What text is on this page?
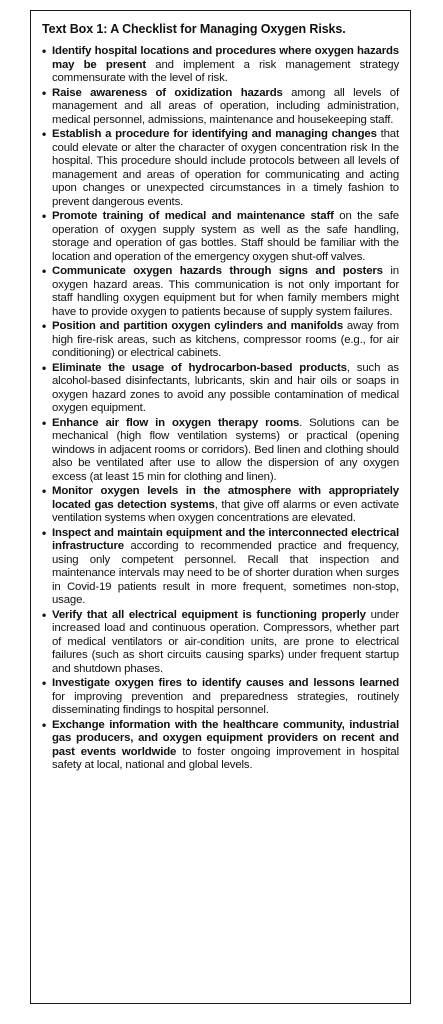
Text Box 1: A Checklist for Managing Oxygen Risks.
• Identify hospital locations and procedures where oxygen hazards may be present and implement a risk management strategy commensurate with the level of risk.
• Raise awareness of oxidization hazards among all levels of management and all areas of operation, including administration, medical personnel, admissions, maintenance and housekeeping staff.
• Establish a procedure for identifying and managing changes that could elevate or alter the character of oxygen concentration risk In the hospital. This procedure should include protocols between all levels of management and areas of operation for communicating and acting upon changes or unexpected circumstances in a timely fashion to prevent dangerous events.
• Promote training of medical and maintenance staff on the safe operation of oxygen supply system as well as the safe handling, storage and operation of gas bottles. Staff should be familiar with the location and operation of the emergency oxygen shut-off valves.
• Communicate oxygen hazards through signs and posters in oxygen hazard areas. This communication is not only important for staff handling oxygen equipment but for when family members might have to provide oxygen to patients because of supply system failures.
• Position and partition oxygen cylinders and manifolds away from high fire-risk areas, such as kitchens, compressor rooms (e.g., for air conditioning) or electrical cabinets.
• Eliminate the usage of hydrocarbon-based products, such as alcohol-based disinfectants, lubricants, skin and hair oils or soaps in oxygen hazard zones to avoid any possible contamination of medical oxygen equipment.
• Enhance air flow in oxygen therapy rooms. Solutions can be mechanical (high flow ventilation systems) or practical (opening windows in adjacent rooms or corridors). Bed linen and clothing should also be ventilated after use to allow the dispersion of any oxygen excess (at least 15 min for clothing and linen).
• Monitor oxygen levels in the atmosphere with appropriately located gas detection systems, that give off alarms or even activate ventilation systems when oxygen concentrations are elevated.
• Inspect and maintain equipment and the interconnected electrical infrastructure according to recommended practice and frequency, using only competent personnel. Recall that inspection and maintenance intervals may need to be of shorter duration when surges in Covid-19 patients result in more frequent, sometimes non-stop, usage.
• Verify that all electrical equipment is functioning properly under increased load and continuous operation. Compressors, whether part of medical ventilators or air-condition units, are prone to electrical failures (such as short circuits causing sparks) under frequent startup and shutdown phases.
• Investigate oxygen fires to identify causes and lessons learned for improving prevention and preparedness strategies, routinely disseminating findings to hospital personnel.
• Exchange information with the healthcare community, industrial gas producers, and oxygen equipment providers on recent and past events worldwide to foster ongoing improvement in hospital safety at local, national and global levels.
